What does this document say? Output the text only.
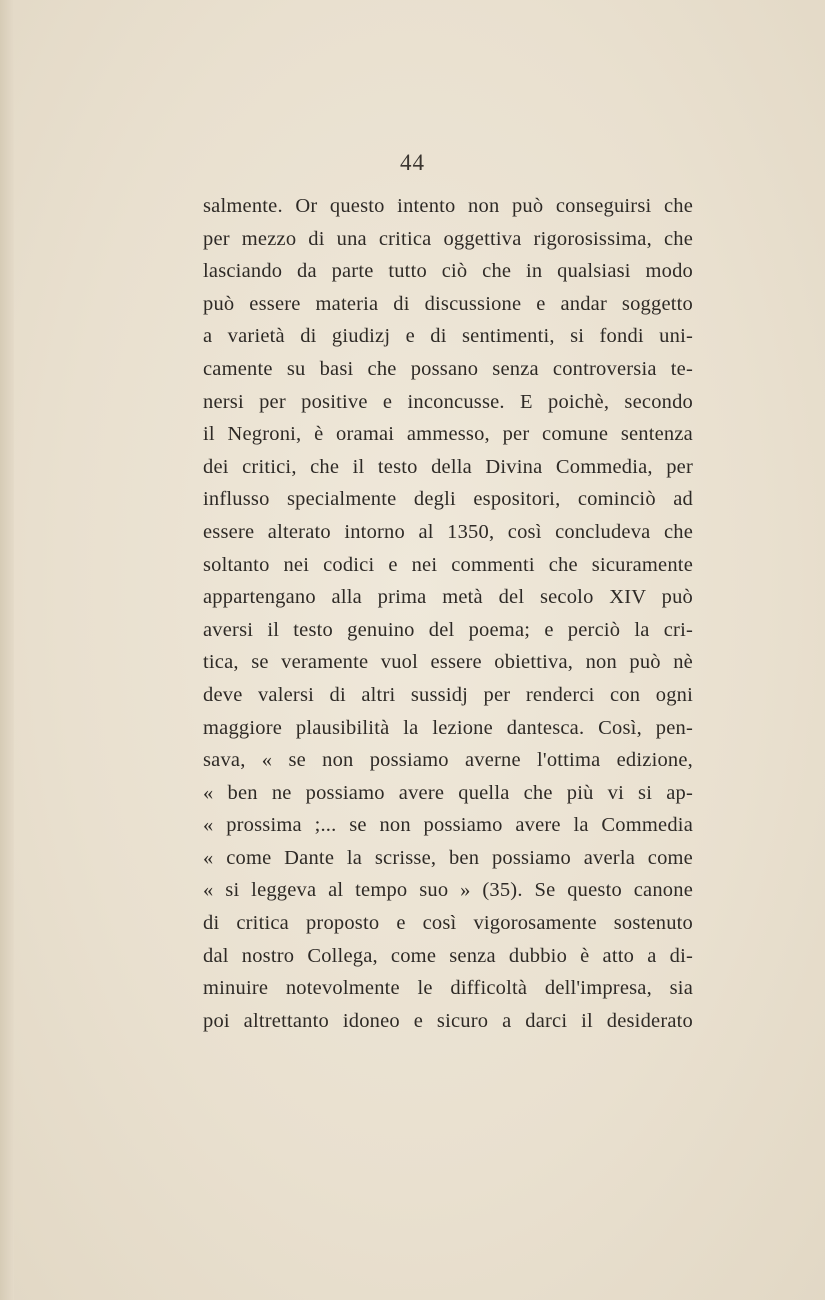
44
salmente. Or questo intento non può conseguirsi che
per mezzo di una critica oggettiva rigorosissima, che
lasciando da parte tutto ciò che in qualsiasi modo
può essere materia di discussione e andar soggetto
a varietà di giudizj e di sentimenti, si fondi uni-
camente su basi che possano senza controversia te-
nersi per positive e inconcusse. E poichè, secondo
il Negroni, è oramai ammesso, per comune sentenza
dei critici, che il testo della Divina Commedia, per
influsso specialmente degli espositori, cominciò ad
essere alterato intorno al 1350, così concludeva che
soltanto nei codici e nei commenti che sicuramente
appartengano alla prima metà del secolo XIV può
aversi il testo genuino del poema; e perciò la cri-
tica, se veramente vuol essere obiettiva, non può nè
deve valersi di altri sussidj per renderci con ogni
maggiore plausibilità la lezione dantesca. Così, pen-
sava, « se non possiamo averne l'ottima edizione,
« ben ne possiamo avere quella che più vi si ap-
« prossima ;... se non possiamo avere la Commedia
« come Dante la scrisse, ben possiamo averla come
« si leggeva al tempo suo » (35). Se questo canone
di critica proposto e così vigorosamente sostenuto
dal nostro Collega, come senza dubbio è atto a di-
minuire notevolmente le difficoltà dell'impresa, sia
poi altrettanto idoneo e sicuro a darci il desiderato
